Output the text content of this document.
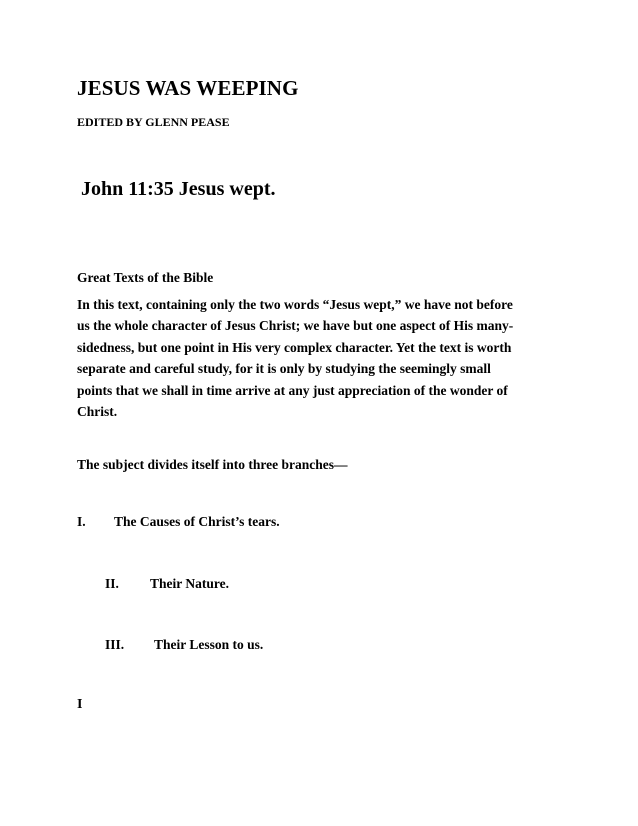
JESUS WAS WEEPING
EDITED BY GLENN PEASE
John 11:35 Jesus wept.
Great Texts of the Bible
In this text, containing only the two words “Jesus wept,” we have not before
us the whole character of Jesus Christ; we have but one aspect of His many-
sidedness, but one point in His very complex character. Yet the text is worth
separate and careful study, for it is only by studying the seemingly small
points that we shall in time arrive at any just appreciation of the wonder of
Christ.
The subject divides itself into three branches—
I. The Causes of Christ’s tears.
II. Their Nature.
III. Their Lesson to us.
I
